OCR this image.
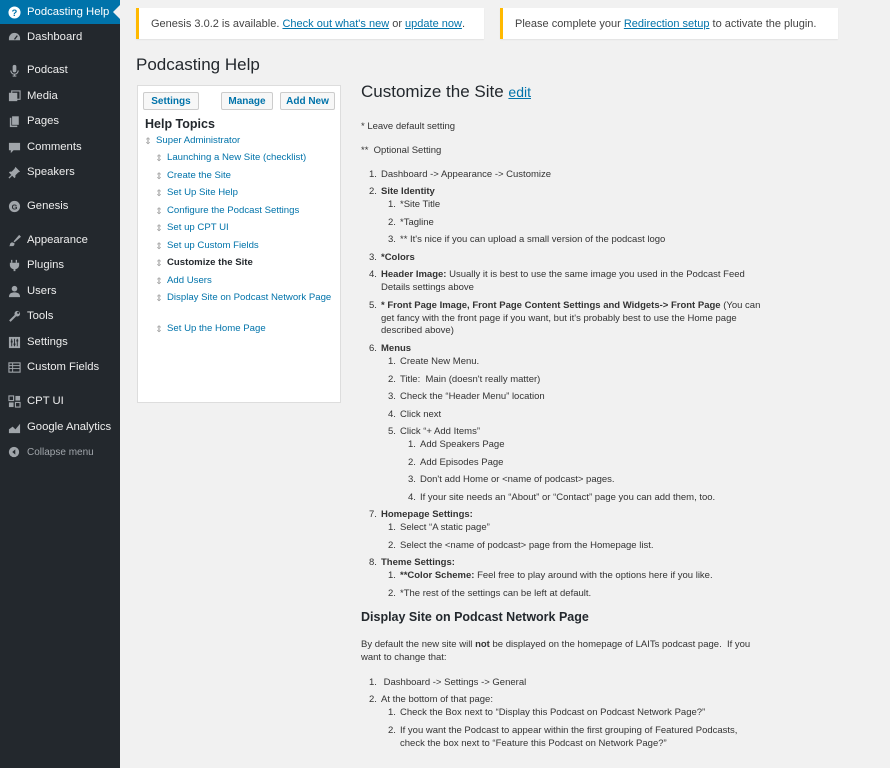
? Podcasting Help
Dashboard
Podcast
Media
Pages
Comments
Speakers
G Genesis
Appearance
Plugins
Users
Tools
Settings
Custom Fields
CPT UI
Google Analytics
Collapse menu
Genesis 3.0.2 is available.
Check out what's new or update now .	Please complete your Redirection setup to activate the plugin.
Podcasting Help
Settings	Manage	Add New
Help Topics
⇕ Super Administrator
⇕ Launching a New Site (checklist)
⇕ Create the Site
⇕ Set Up Site Help
⇕ Configure the Podcast Settings
⇕ Set up CPT UI
⇕ Set up Custom Fields
⇕ Customize the Site
⇕ Add Users
⇕ Display Site on Podcast Network Page
⇕ Set Up the Home Page
Customize the Site edit
* Leave default setting
**  Optional Setting
1. Dashboard -> Appearance -> Customize
2. Site Identity
1. *Site Title
2. *Tagline
3. ** It's nice if you can upload a small version of the podcast logo
3. *Colors
4. Header Image: Usually it is best to use the same image you used in the Podcast Feed
Details settings above
5. * Front Page Image, Front Page Content Settings and Widgets-> Front Page (You can
get fancy with the front page if you want, but it's probably best to use the Home page
described above)
6. Menus
1. Create New Menu.
2. Title:  Main (doesn't really matter)
3. Check the “Header Menu” location
4. Click next
5. Click “+ Add Items”
1. Add Speakers Page
2. Add Episodes Page
3. Don't add Home or <name of podcast> pages.
4. If your site needs an “About” or “Contact” page you can add them, too.
7. Homepage Settings:
1. Select “A static page”
2. Select the <name of podcast> page from the Homepage list.
8. Theme Settings:
1. **Color Scheme: Feel free to play around with the options here if you like.
2. *The rest of the settings can be left at default.
Display Site on Podcast Network Page
By default the new site will not be displayed on the homepage of LAITs podcast page.  If you
want to change that:
1. Dashboard -> Settings -> General
2. At the bottom of that page:
1. Check the Box next to “Display this Podcast on Podcast Network Page?”
2. If you want the Podcast to appear within the first grouping of Featured Podcasts,
check the box next to “Feature this Podcast on Network Page?”
